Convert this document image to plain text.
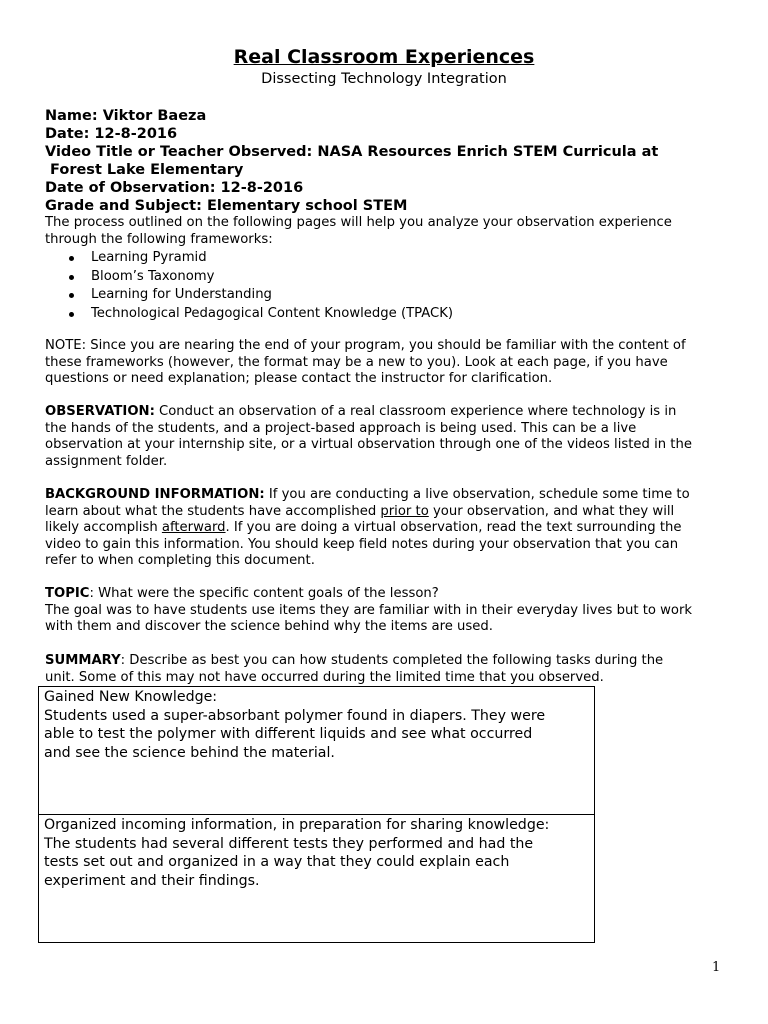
Real Classroom Experiences
Dissecting Technology Integration
Name: Viktor Baeza
Date: 12-8-2016
Video Title or Teacher Observed: NASA Resources Enrich STEM Curricula at
Forest Lake Elementary
Date of Observation: 12-8-2016
Grade and Subject: Elementary school STEM
The process outlined on the following pages will help you analyze your observation experience
through the following frameworks:
Learning Pyramid
Bloom’s Taxonomy
Learning for Understanding
Technological Pedagogical Content Knowledge (TPACK)
NOTE: Since you are nearing the end of your program, you should be familiar with the content of
these frameworks (however, the format may be a new to you). Look at each page, if you have
questions or need explanation; please contact the instructor for clarification.
OBSERVATION: Conduct an observation of a real classroom experience where technology is in
the hands of the students, and a project-based approach is being used. This can be a live
observation at your internship site, or a virtual observation through one of the videos listed in the
assignment folder.
BACKGROUND INFORMATION: If you are conducting a live observation, schedule some time to
learn about what the students have accomplished prior to your observation, and what they will
likely accomplish afterward. If you are doing a virtual observation, read the text surrounding the
video to gain this information. You should keep field notes during your observation that you can
refer to when completing this document.
TOPIC: What were the specific content goals of the lesson?
The goal was to have students use items they are familiar with in their everyday lives but to work
with them and discover the science behind why the items are used.
SUMMARY: Describe as best you can how students completed the following tasks during the
unit. Some of this may not have occurred during the limited time that you observed.
Gained New Knowledge:
Students used a super-absorbant polymer found in diapers. They were
able to test the polymer with different liquids and see what occurred
and see the science behind the material.

Organized incoming information, in preparation for sharing knowledge:
The students had several different tests they performed and had the
tests set out and organized in a way that they could explain each
experiment and their findings.
1
